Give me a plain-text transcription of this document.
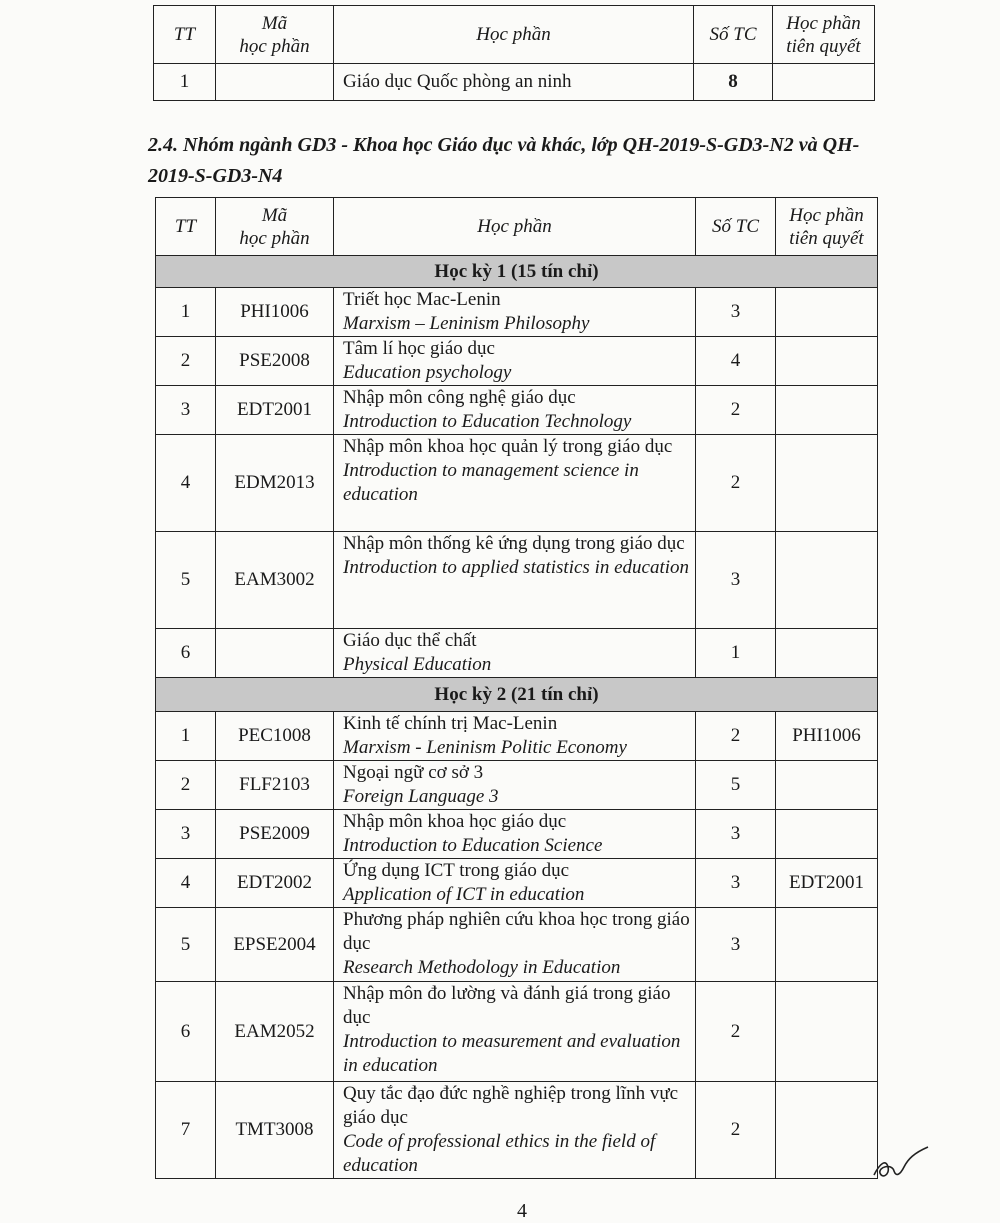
TT	Mã
học phần	Học phần	Số TC	Học phần
tiên quyết
1		Giáo dục Quốc phòng an ninh	8	

2.4. Nhóm ngành GD3 - Khoa học Giáo dục và khác, lớp QH-2019-S-GD3-N2 và QH-2019-S-GD3-N4

TT	Mã
học phần	Học phần	Số TC	Học phần
tiên quyết
Học kỳ 1 (15 tín chỉ)				
1	PHI1006	Triết học Mac-Lenin
Marxism – Leninism Philosophy	3	
2	PSE2008	Tâm lí học giáo dục
Education psychology	4	
3	EDT2001	Nhập môn công nghệ giáo dục
Introduction to Education Technology	2	
4	EDM2013	Nhập môn khoa học quản lý trong giáo dục
Introduction to management science in education	2	
5	EAM3002	Nhập môn thống kê ứng dụng trong giáo dục
Introduction to applied statistics in education	3	
6		Giáo dục thể chất
Physical Education	1	
Học kỳ 2 (21 tín chỉ)				
1	PEC1008	Kinh tế chính trị Mac-Lenin
Marxism - Leninism Politic Economy	2	PHI1006
2	FLF2103	Ngoại ngữ cơ sở 3
Foreign Language 3	5	
3	PSE2009	Nhập môn khoa học giáo dục
Introduction to Education Science	3	
4	EDT2002	Ứng dụng ICT trong giáo dục
Application of ICT in education	3	EDT2001
5	EPSE2004	Phương pháp nghiên cứu khoa học trong giáo dục
Research Methodology in Education	3	
6	EAM2052	Nhập môn đo lường và đánh giá trong giáo dục
Introduction to measurement and evaluation in education	2	
7	TMT3008	Quy tắc đạo đức nghề nghiệp trong lĩnh vực giáo dục
Code of professional ethics in the field of education	2	
4
